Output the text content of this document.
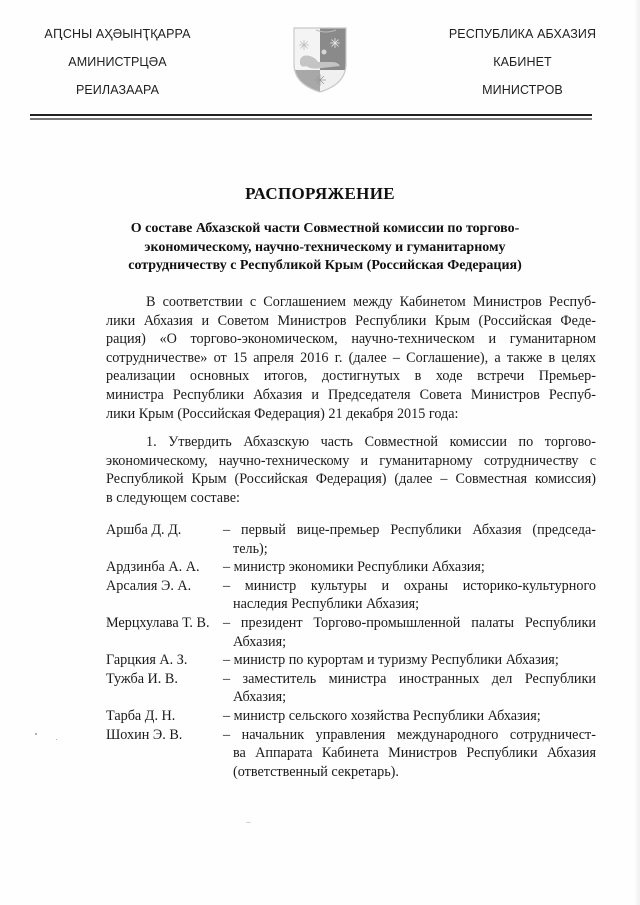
АԤСНЫ АҲӘЫНҬҚАРРА
АМИНИСТРЦӘА
РЕИЛАЗААРА
РЕСПУБЛИКА АБХАЗИЯ
КАБИНЕТ
МИНИСТРОВ
РАСПОРЯЖЕНИЕ
О составе Абхазской части Совместной комиссии по торгово-
экономическому, научно-техническому и гуманитарному
сотрудничеству с Республикой Крым (Российская Федерация)
В соответствии с Соглашением между Кабинетом Министров Респуб-
лики Абхазия и Советом Министров Республики Крым (Российская Феде-
рация) «О торгово-экономическом, научно-техническом и гуманитарном
сотрудничестве» от 15 апреля 2016 г. (далее – Соглашение), а также в целях
реализации основных итогов, достигнутых в ходе встречи Премьер-
министра Республики Абхазия и Председателя Совета Министров Респуб-
лики Крым (Российская Федерация) 21 декабря 2015 года:
1. Утвердить Абхазскую часть Совместной комиссии по торгово-
экономическому, научно-техническому и гуманитарному сотрудничеству с
Республикой Крым (Российская Федерация) (далее – Совместная комиссия)
в следующем составе:
Аршба Д. Д.	– первый вице-премьер Республики Абхазия (председа-
тель);
Ардзинба А. А.	– министр экономики Республики Абхазия;
Арсалия Э. А.	– министр культуры и охраны историко-культурного
наследия Республики Абхазия;
Мерцхулава Т. В. – президент Торгово-промышленной палаты Республики
Абхазия;
Гарцкия А. З.	– министр по курортам и туризму Республики Абхазия;
Тужба И. В.	– заместитель министра иностранных дел Республики
Абхазия;
Тарба Д. Н.	– министр сельского хозяйства Республики Абхазия;
Шохин Э. В.	– начальник управления международного сотрудничест-
ва Аппарата Кабинета Министров Республики Абхазия
(ответственный секретарь).
